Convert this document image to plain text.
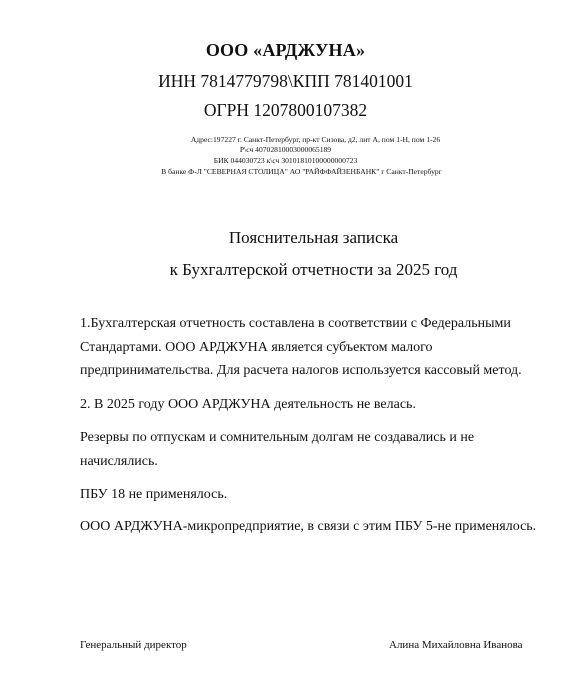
ООО «АРДЖУНА»
ИНН 7814779798\КПП 781401001
ОГРН 1207800107382
Адрес:197227 г. Санкт-Петербург, пр-кт Сизова, д2, лит А, пом 1-Н, пом 1-26
Р\сч 40702810003000065189
БИК 044030723 к\сч 30101810100000000723
В банке Ф-Л "СЕВЕРНАЯ СТОЛИЦА" АО "РАЙФФАЙЗЕНБАНК" г Санкт-Петербург
Пояснительная записка
к Бухгалтерской отчетности за 2025 год
1.Бухгалтерская отчетность составлена в соответствии с Федеральными
Стандартами. ООО АРДЖУНА является субъектом малого
предпринимательства. Для расчета налогов используется кассовый метод.
2. В 2025 году ООО АРДЖУНА деятельность не велась.
Резервы по отпускам и сомнительным долгам не создавались и не
начислялись.
ПБУ 18 не применялось.
ООО АРДЖУНА-микропредприятие, в связи с этим ПБУ 5-не применялось.
Генеральный директор	Алина Михайловна Иванова
